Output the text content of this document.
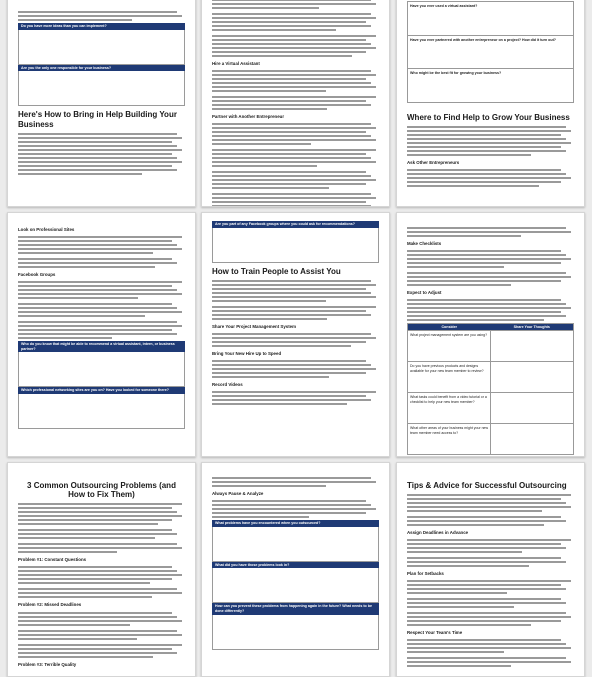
Do you have more ideas than you can implement?
Are you the only one responsible for your business?
Here's How to Bring in Help Building Your Business
Hire a Virtual Assistant
Partner with Another Entrepreneur
Have you ever used a virtual assistant?
Have you ever partnered with another entrepreneur on a project? How did it turn out?
Who might be the best fit for growing your business?
Where to Find Help to Grow Your Business
Ask Other Entrepreneurs
Look on Professional Sites
Facebook Groups
Who do you know that might be able to recommend a virtual assistant, intern, or business partner?
Which professional networking sites are you on? Have you looked for someone there?
Are you part of any Facebook groups where you could ask for recommendations?
How to Train People to Assist You
Share Your Project Management System
Bring Your New Hire Up to Speed
Record Videos
Make Checklists
Expect to Adjust
Consider	Share Your Thoughts
What project management system are you using?
Do you have previous products and designs available for your new team member to review?
What tasks could benefit from a video tutorial or a checklist to help your new team member?
What other areas of your business might your new team member need access to?
3 Common Outsourcing Problems (and How to Fix Them)
Problem #1: Constant Questions
Problem #2: Missed Deadlines
Problem #3: Terrible Quality
Always Pause & Analyze
What problems have you encountered when you outsourced?
What did you have those problems look in?
How can you prevent these problems from happening again in the future? What needs to be done differently?
Tips & Advice for Successful Outsourcing
Assign Deadlines in Advance
Plan for Setbacks
Respect Your Team's Time
